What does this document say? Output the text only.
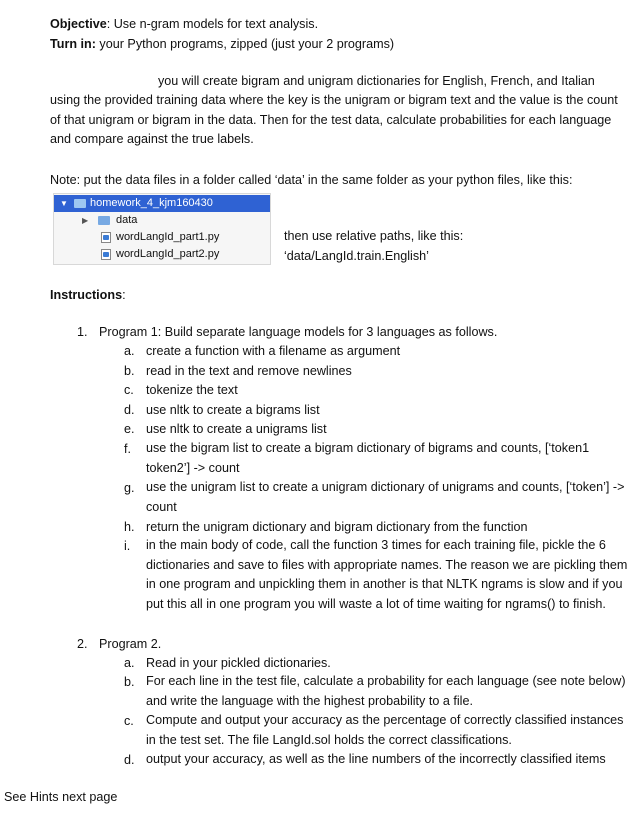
Objective: Use n-gram models for text analysis.
Turn in: your Python programs, zipped (just your 2 programs)
you will create bigram and unigram dictionaries for English, French, and Italian
using the provided training data where the key is the unigram or bigram text and the value is the count of that unigram or bigram in the data. Then for the test data, calculate probabilities for each language and compare against the true labels.
Note: put the data files in a folder called ‘data’ in the same folder as your python files, like this:
▼ homework_4_kjm160430
▶	data
wordLangId_part1.py
wordLangId_part2.py
then use relative paths, like this:
‘data/LangId.train.English’
Instructions:
1. Program 1: Build separate language models for 3 languages as follows.
a. create a function with a filename as argument
b. read in the text and remove newlines
c. tokenize the text
d. use nltk to create a bigrams list
e. use nltk to create a unigrams list
f. use the bigram list to create a bigram dictionary of bigrams and counts, [‘token1 token2’] -> count
g. use the unigram list to create a unigram dictionary of unigrams and counts, [‘token’] -> count
h. return the unigram dictionary and bigram dictionary from the function
i. in the main body of code, call the function 3 times for each training file, pickle the 6 dictionaries and save to files with appropriate names. The reason we are pickling them in one program and unpickling them in another is that NLTK ngrams is slow and if you put this all in one program you will waste a lot of time waiting for ngrams() to finish.
2. Program 2.
a. Read in your pickled dictionaries.
b. For each line in the test file, calculate a probability for each language (see note below) and write the language with the highest probability to a file.
c. Compute and output your accuracy as the percentage of correctly classified instances in the test set. The file LangId.sol holds the correct classifications.
d. output your accuracy, as well as the line numbers of the incorrectly classified items
See Hints next page
